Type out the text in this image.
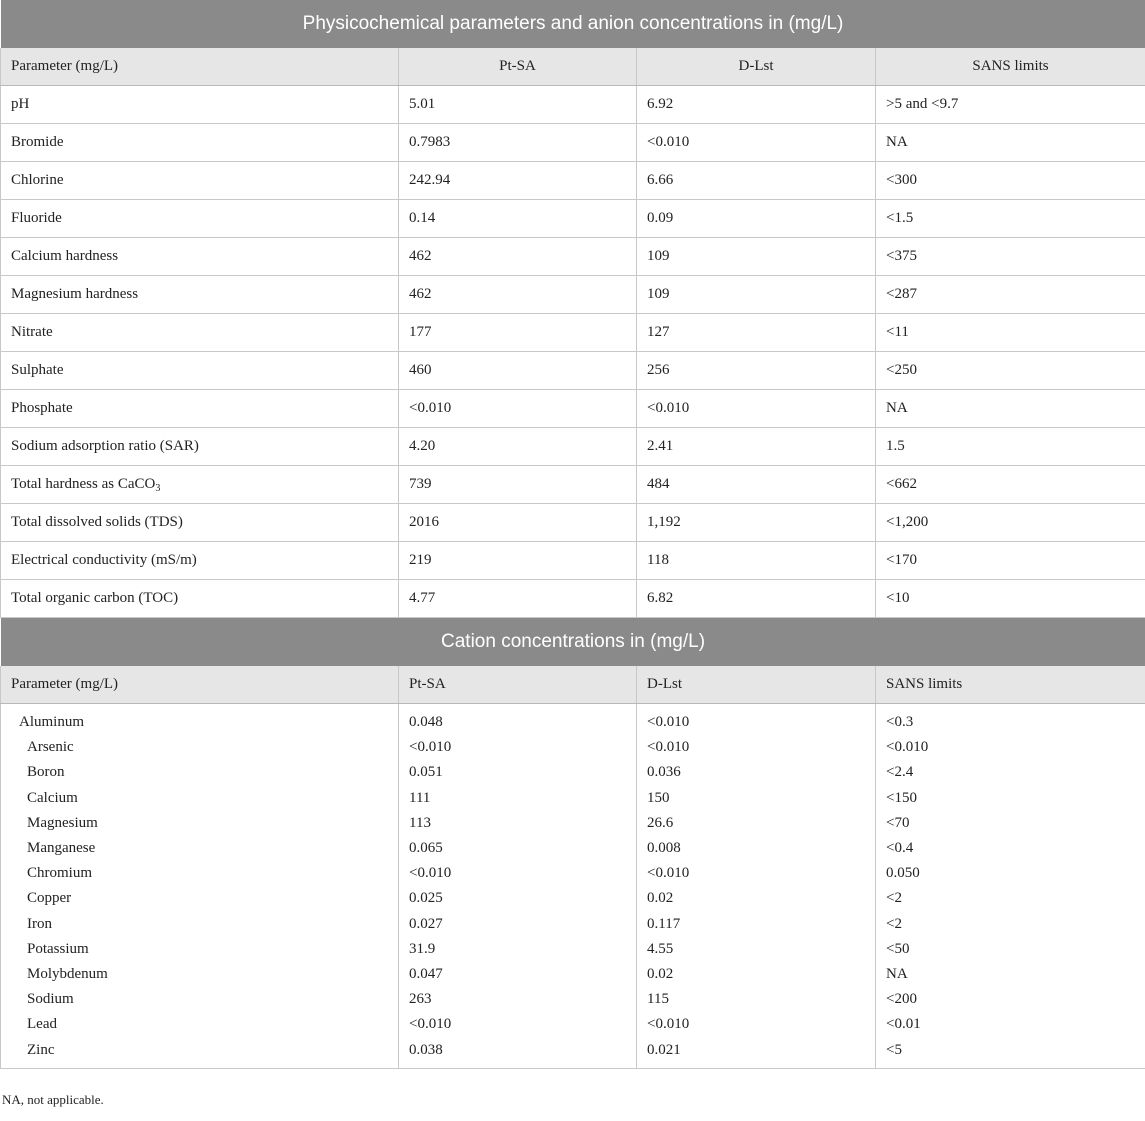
Physicochemical parameters and anion concentrations in (mg/L)			
Parameter (mg/L)	Pt-SA	D-Lst	SANS limits
pH	5.01	6.92	>5 and <9.7
Bromide	0.7983	<0.010	NA
Chlorine	242.94	6.66	<300
Fluoride	0.14	0.09	<1.5
Calcium hardness	462	109	<375
Magnesium hardness	462	109	<287
Nitrate	177	127	<11
Sulphate	460	256	<250
Phosphate	<0.010	<0.010	NA
Sodium adsorption ratio (SAR)	4.20	2.41	1.5
Total hardness as CaCO$_3$	739	484	<662
Total dissolved solids (TDS)	2016	1,192	<1,200
Electrical conductivity (mS/m)	219	118	<170
Total organic carbon (TOC)	4.77	6.82	<10
Cation concentrations in (mg/L)			
Parameter (mg/L)	Pt-SA	D-Lst	SANS limits
Aluminum	0.048	<0.010	<0.3
Arsenic	<0.010	<0.010	<0.010
Boron	0.051	0.036	<2.4
Calcium	111	150	<150
Magnesium	113	26.6	<70
Manganese	0.065	0.008	<0.4
Chromium	<0.010	<0.010	0.050
Copper	0.025	0.02	<2
Iron	0.027	0.117	<2
Potassium	31.9	4.55	<50
Molybdenum	0.047	0.02	NA
Sodium	263	115	<200
Lead	<0.010	<0.010	<0.01
Zinc	0.038	0.021	<5
NA, not applicable.
